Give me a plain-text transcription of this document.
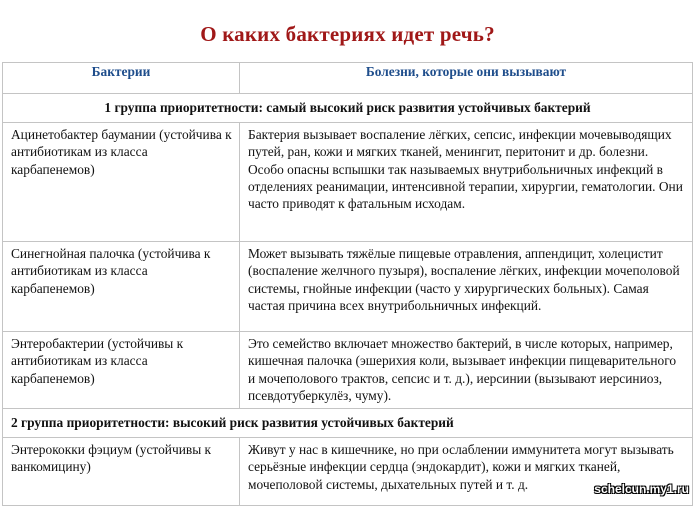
О каких бактериях идет речь?
Бактерии	Болезни, которые они вызывают
1 группа приоритетности: самый высокий риск развития устойчивых бактерий	
Ацинетобактер баумании (устойчива к антибиотикам из класса карбапенемов)	Бактерия вызывает воспаление лёгких, сепсис, инфекции мочевыводящих путей, ран, кожи и мягких тканей, менингит, перитонит и др. болезни. Особо опасны вспышки так называемых внутрибольничных инфекций в отделениях реанимации, интенсивной терапии, хирургии, гематологии. Они часто приводят к фатальным исходам.
Синегнойная палочка (устойчива к антибиотикам из класса карбапенемов)	Может вызывать тяжёлые пищевые отравления, аппендицит, холецистит (воспаление желчного пузыря), воспаление лёгких, инфекции мочеполовой системы, гнойные инфекции (часто у хирургических больных). Самая частая причина всех внутрибольничных инфекций.
Энтеробактерии (устойчивы к антибиотикам из класса карбапенемов)	Это семейство включает множество бактерий, в числе которых, например, кишечная палочка (эшерихия коли, вызывает инфекции пищеварительного и мочеполового трактов, сепсис и т. д.), иерсинии (вызывают иерсиниоз, псевдотуберкулёз, чуму).
2 группа приоритетности: высокий риск развития устойчивых бактерий	
Энтерококки фэциум (устойчивы к ванкомицину)	Живут у нас в кишечнике, но при ослаблении иммунитета могут вызывать серьёзные инфекции сердца (эндокардит), кожи и мягких тканей, мочеполовой системы, дыхательных путей и т. д.	schelcun.my1.ru
